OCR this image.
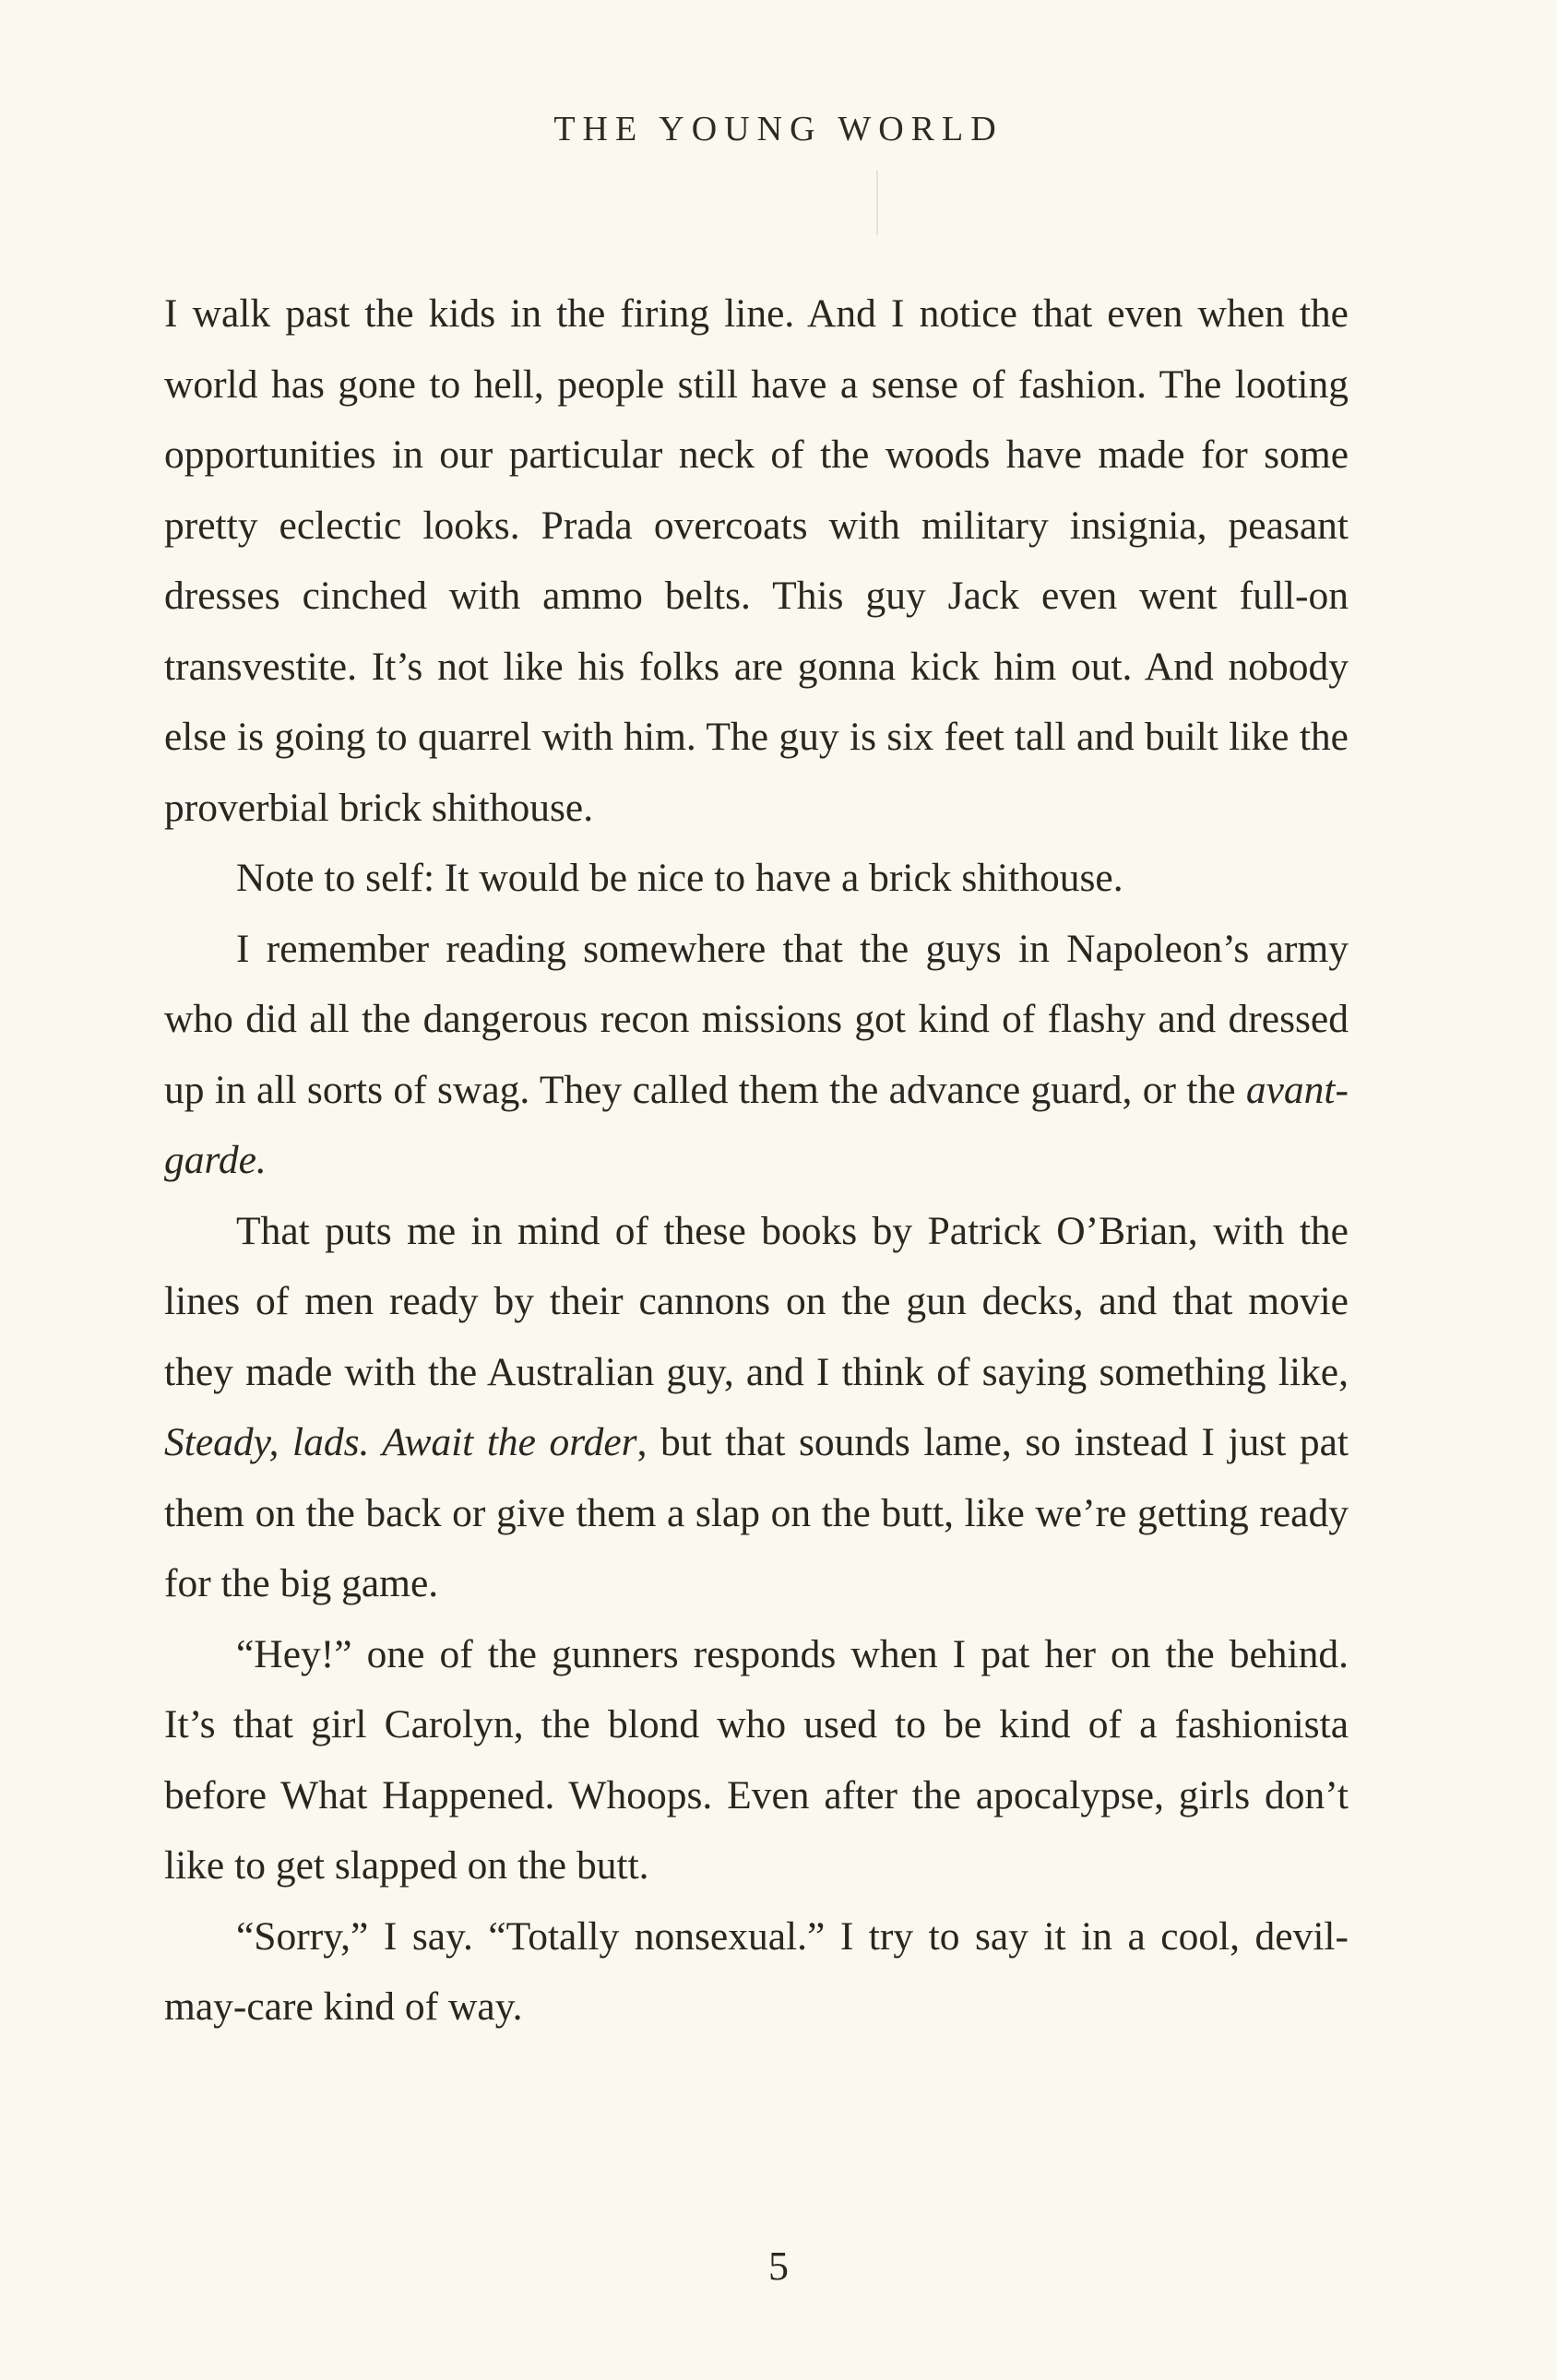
THE YOUNG WORLD

I walk past the kids in the firing line. And I notice that even when the world has gone to hell, people still have a sense of fashion. The looting opportunities in our particular neck of the woods have made for some pretty eclectic looks. Prada overcoats with military insignia, peasant dresses cinched with ammo belts. This guy Jack even went full-on transvestite. It’s not like his folks are gonna kick him out. And nobody else is going to quarrel with him. The guy is six feet tall and built like the proverbial brick shithouse.

Note to self: It would be nice to have a brick shithouse.

I remember reading somewhere that the guys in Napoleon’s army who did all the dangerous recon missions got kind of flashy and dressed up in all sorts of swag. They called them the advance guard, or the avant-garde.

That puts me in mind of these books by Patrick O’Brian, with the lines of men ready by their cannons on the gun decks, and that movie they made with the Australian guy, and I think of saying something like, Steady, lads. Await the order, but that sounds lame, so instead I just pat them on the back or give them a slap on the butt, like we’re getting ready for the big game.

“Hey!” one of the gunners responds when I pat her on the behind. It’s that girl Carolyn, the blond who used to be kind of a fashionista before What Happened. Whoops. Even after the apocalypse, girls don’t like to get slapped on the butt.

“Sorry,” I say. “Totally nonsexual.” I try to say it in a cool, devil-may-care kind of way.

5
